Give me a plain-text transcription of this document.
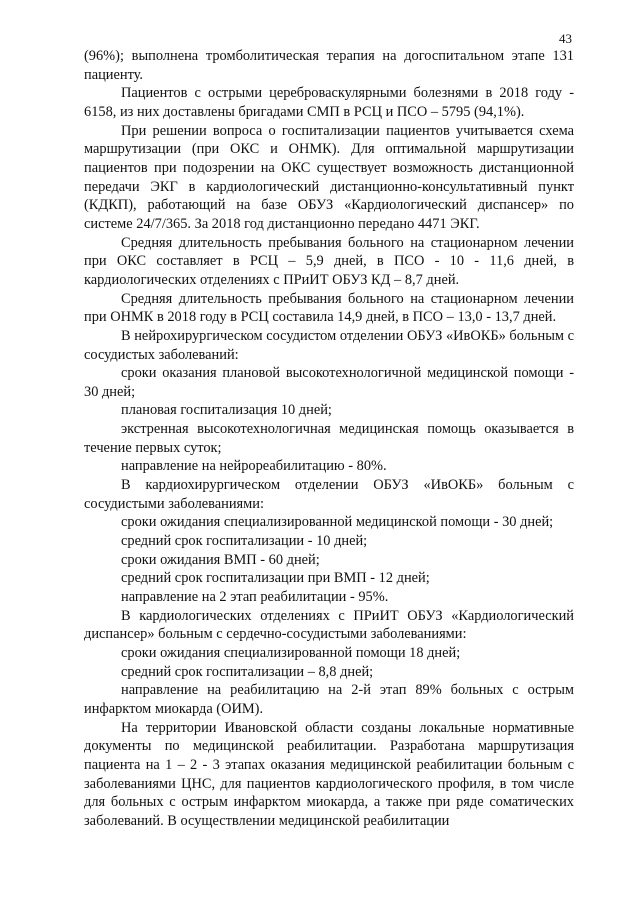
43

(96%); выполнена тромболитическая терапия на догоспитальном этапе 131 пациенту.

Пациентов с острыми цереброваскулярными болезнями в 2018 году - 6158, из них доставлены бригадами СМП в РСЦ и ПСО – 5795 (94,1%).

При решении вопроса о госпитализации пациентов учитывается схема маршрутизации (при ОКС и ОНМК). Для оптимальной маршрутизации пациентов при подозрении на ОКС существует возможность дистанционной передачи ЭКГ в кардиологический дистанционно-консультативный пункт (КДКП), работающий на базе ОБУЗ «Кардиологический диспансер» по системе 24/7/365. За 2018 год дистанционно передано 4471 ЭКГ.

Средняя длительность пребывания больного на стационарном лечении при ОКС составляет в РСЦ – 5,9 дней, в ПСО - 10 - 11,6 дней, в кардиологических отделениях с ПРиИТ ОБУЗ КД – 8,7 дней.

Средняя длительность пребывания больного на стационарном лечении при ОНМК в 2018 году в РСЦ составила 14,9 дней, в ПСО – 13,0 - 13,7 дней.

В нейрохирургическом сосудистом отделении ОБУЗ «ИвОКБ» больным с сосудистых заболеваний:

сроки оказания плановой высокотехнологичной медицинской помощи - 30 дней;

плановая госпитализация 10 дней;

экстренная высокотехнологичная медицинская помощь оказывается в течение первых суток;

направление на нейрореабилитацию - 80%.

В кардиохирургическом отделении ОБУЗ «ИвОКБ» больным с сосудистыми заболеваниями:

сроки ожидания специализированной медицинской помощи - 30 дней;

средний срок госпитализации - 10 дней;

сроки ожидания ВМП - 60 дней;

средний срок госпитализации при ВМП - 12 дней;

направление на 2 этап реабилитации - 95%.

В кардиологических отделениях с ПРиИТ ОБУЗ «Кардиологический диспансер» больным с сердечно-сосудистыми заболеваниями:

сроки ожидания специализированной помощи 18 дней;

средний срок госпитализации – 8,8 дней;

направление на реабилитацию на 2-й этап 89% больных с острым инфарктом миокарда (ОИМ).

На территории Ивановской области созданы локальные нормативные документы по медицинской реабилитации. Разработана маршрутизация пациента на 1 – 2 - 3 этапах оказания медицинской реабилитации больным с заболеваниями ЦНС, для пациентов кардиологического профиля, в том числе для больных с острым инфарктом миокарда, а также при ряде соматических заболеваний. В осуществлении медицинской реабилитации
